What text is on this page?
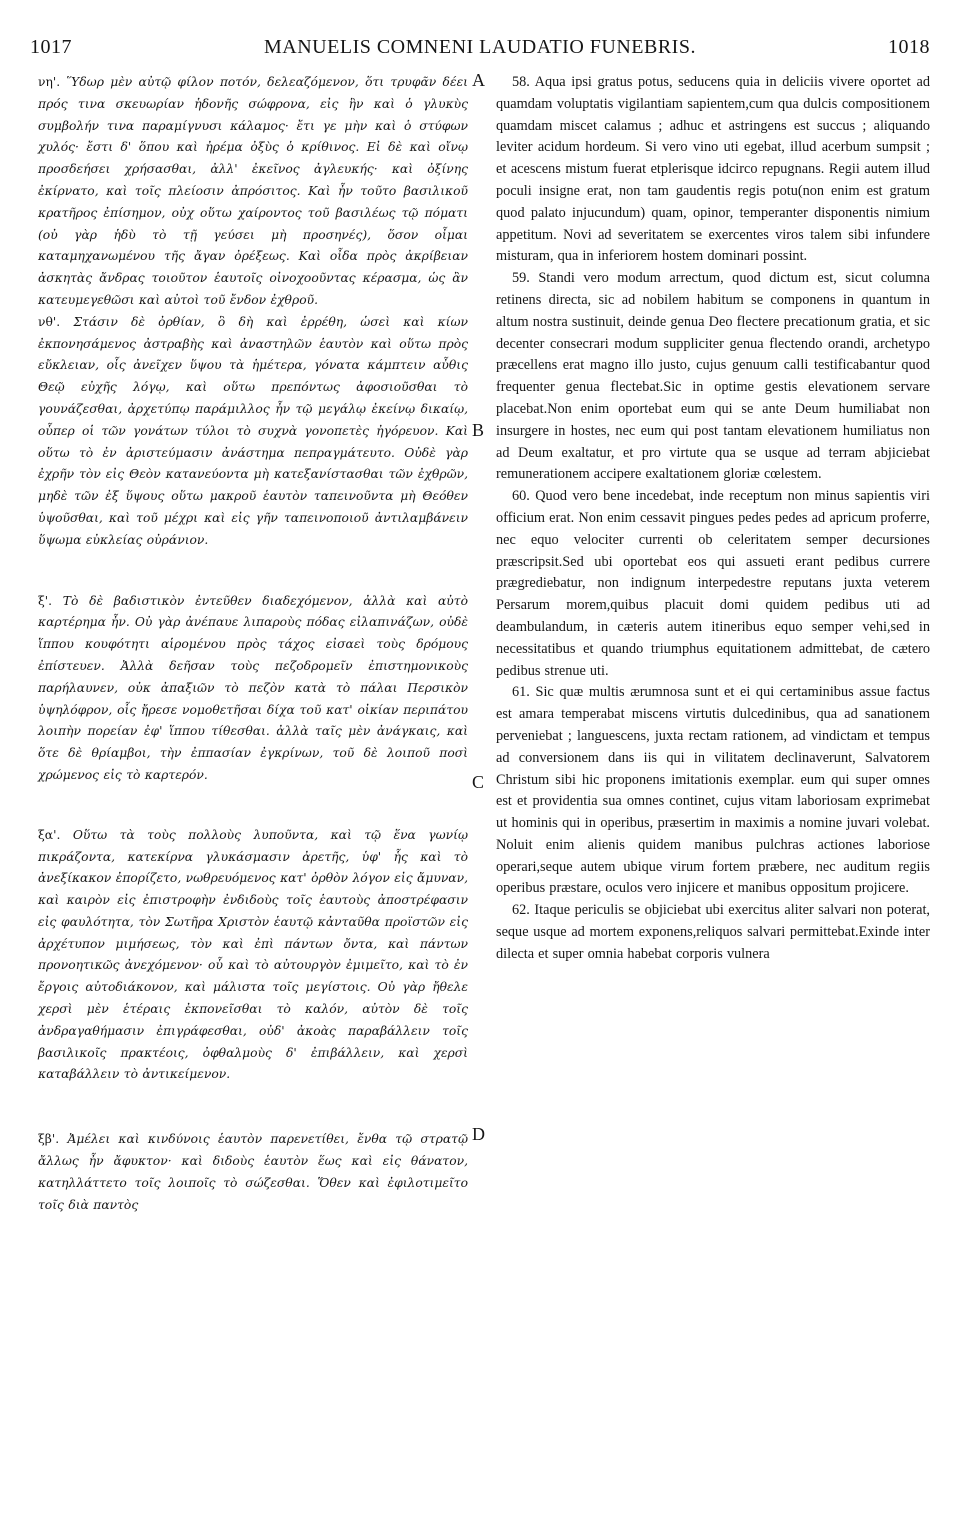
1017	MANUELIS COMNENI LAUDATIO FUNEBRIS.	1018
A
B
C
D

νη'. Ὕδωρ μὲν αὐτῷ φίλον ποτόν, δελεαζόμενον, ὅτι τρυφᾶν δέει πρός τινα σκευωρίαν ἡδονῆς σώφρονα, εἰς ἣν καὶ ὁ γλυκὺς συμβολήν τινα παραμίγνυσι κάλαμος· ἔτι γε μὴν καὶ ὁ στύφων χυλός· ἔστι δ' ὅπου καὶ ἠρέμα ὀξὺς ὁ κρίθινος. Εἰ δὲ καὶ οἴνῳ προσδεήσει χρήσασθαι, ἀλλ' ἐκεῖνος ἀγλευκής· καὶ ὀξίνης ἐκίρνατο, καὶ τοῖς πλείοσιν ἀπρόσιτος. Καὶ ἦν τοῦτο βασιλικοῦ κρατῆρος ἐπίσημον, οὐχ οὕτω χαίροντος τοῦ βασιλέως τῷ πόματι (οὐ γὰρ ἡδὺ τὸ τῇ γεύσει μὴ προσηνές), ὅσον οἶμαι καταμηχανωμένου τῆς ἄγαν ὀρέξεως. Καὶ οἶδα πρὸς ἀκρίβειαν ἀσκητὰς ἄνδρας τοιοῦτον ἑαυτοῖς οἰνοχοοῦντας κέρασμα, ὡς ἂν κατευμεγεθῶσι καὶ αὐτοὶ τοῦ ἔνδον ἐχθροῦ.

νθ'. Στάσιν δὲ ὀρθίαν, ὃ δὴ καὶ ἐρρέθη, ὡσεὶ καὶ κίων ἐκπονησάμενος ἀστραβὴς καὶ ἀναστηλῶν ἑαυτὸν καὶ οὕτω πρὸς εὔκλειαν, οἷς ἀνεῖχεν ὕψου τὰ ἡμέτερα, γόνατα κάμπτειν αὖθις Θεῷ εὐχῆς λόγῳ, καὶ οὕτω πρεπόντως ἀφοσιοῦσθαι τὸ γουνάζεσθαι, ἀρχετύπῳ παράμιλλος ἦν τῷ μεγάλῳ ἐκείνῳ δικαίῳ, οὗπερ οἱ τῶν γονάτων τύλοι τὸ συχνὰ γονοπετὲς ἠγόρευον. Καὶ οὕτω τὸ ἐν ἀριστεύμασιν ἀνάστημα πεπραγμάτευτο. Οὐδὲ γὰρ ἐχρῆν τὸν εἰς Θεὸν κατανεύοντα μὴ κατεξανίστασθαι τῶν ἐχθρῶν, μηδὲ τῶν ἐξ ὕψους οὕτω μακροῦ ἑαυτὸν ταπεινοῦντα μὴ Θεόθεν ὑψοῦσθαι, καὶ τοῦ μέχρι καὶ εἰς γῆν ταπεινοποιοῦ ἀντιλαμβάνειν ὕψωμα εὐκλείας οὐράνιον.

ξ'. Τὸ δὲ βαδιστικὸν ἐντεῦθεν διαδεχόμενον, ἀλλὰ καὶ αὐτὸ καρτέρημα ἦν. Οὐ γὰρ ἀνέπαυε λιπαροὺς πόδας εἰλαπινάζων, οὐδὲ ἵππου κουφότητι αἱρομένου πρὸς τάχος εἰσαεὶ τοὺς δρόμους ἐπίστευεν. Ἀλλὰ δεῆσαν τοὺς πεζοδρομεῖν ἐπιστημονικοὺς παρήλαυνεν, οὐκ ἀπαξιῶν τὸ πεζὸν κατὰ τὸ πάλαι Περσικὸν ὑψηλόφρον, οἷς ἤρεσε νομοθετῆσαι δίχα τοῦ κατ' οἰκίαν περιπάτου λοιπὴν πορείαν ἐφ' ἵππου τίθεσθαι. ἀλλὰ ταῖς μὲν ἀνάγκαις, καὶ ὅτε δὲ θρίαμβοι, τὴν ἐππασίαν ἐγκρίνων, τοῦ δὲ λοιποῦ ποσὶ χρώμενος εἰς τὸ καρτερόν.

ξα'. Οὕτω τὰ τοὺς πολλοὺς λυποῦντα, καὶ τῷ ἕνα γωνίῳ πικράζοντα, κατεκίρνα γλυκάσμασιν ἀρετῆς, ὑφ' ἧς καὶ τὸ ἀνεξίκακον ἐπορίζετο, νωθρευόμενος κατ' ὀρθὸν λόγον εἰς ἄμυναν, καὶ καιρὸν εἰς ἐπιστροφὴν ἐνδιδοὺς τοῖς ἑαυτοὺς ἀποστρέφασιν εἰς φαυλότητα, τὸν Σωτῆρα Χριστὸν ἑαυτῷ κἀνταῦθα προϊστῶν εἰς ἀρχέτυπον μιμήσεως, τὸν καὶ ἐπὶ πάντων ὄντα, καὶ πάντων προνοητικῶς ἀνεχόμενον· οὗ καὶ τὸ αὐτουργὸν ἐμιμεῖτο, καὶ τὸ ἐν ἔργοις αὐτοδιάκονον, καὶ μάλιστα τοῖς μεγίστοις. Οὐ γὰρ ἤθελε χερσὶ μὲν ἑτέραις ἐκπονεῖσθαι τὸ καλόν, αὐτὸν δὲ τοῖς ἀνδραγαθήμασιν ἐπιγράφεσθαι, οὐδ' ἀκοὰς παραβάλλειν τοῖς βασιλικοῖς πρακτέοις, ὀφθαλμοὺς δ' ἐπιβάλλειν, καὶ χερσὶ καταβάλλειν τὸ ἀντικείμενον.

ξβ'. Ἀμέλει καὶ κινδύνοις ἑαυτὸν παρενετίθει, ἔνθα τῷ στρατῷ ἄλλως ἦν ἄφυκτον· καὶ διδοὺς ἑαυτὸν ἕως καὶ εἰς θάνατον, κατηλλάττετο τοῖς λοιποῖς τὸ σώζεσθαι. Ὅθεν καὶ ἐφιλοτιμεῖτο τοῖς διὰ παντὸς

58. Aqua ipsi gratus potus, seducens quia in deliciis vivere oportet ad quamdam voluptatis vigilantiam sapientem,cum qua dulcis compositionem quamdam miscet calamus ; adhuc et astringens est succus ; aliquando leviter acidum hordeum. Si vero vino uti egebat, illud acerbum sumpsit ; et acescens mistum fuerat etplerisque idcirco repugnans. Regii autem illud poculi insigne erat, non tam gaudentis regis potu(non enim est gratum quod palato injucundum) quam, opinor, temperanter disponentis nimium appetitum. Novi ad severitatem se exercentes viros talem sibi infundere misturam, qua in inferiorem hostem dominari possint.

59. Standi vero modum arrectum, quod dictum est, sicut columna retinens directa, sic ad nobilem habitum se componens in quantum in altum nostra sustinuit, deinde genua Deo flectere precationum gratia, et sic decenter consecrari modum suppliciter genua flectendo orandi, archetypo præcellens erat magno illo justo, cujus genuum calli testificabantur quod frequenter genua flectebat.Sic in optime gestis elevationem servare placebat.Non enim oportebat eum qui se ante Deum humiliabat non insurgere in hostes, nec eum qui post tantam elevationem humiliatus non ad Deum exaltatur, et pro virtute qua se usque ad terram abjiciebat remunerationem accipere exaltationem gloriæ cœlestem.

60. Quod vero bene incedebat, inde receptum non minus sapientis viri officium erat. Non enim cessavit pingues pedes pedes ad apricum proferre, nec equo velociter currenti ob celeritatem semper decursiones præscripsit.Sed ubi oportebat eos qui assueti erant pedibus currere prægrediebatur, non indignum interpedestre reputans juxta veterem Persarum morem,quibus placuit domi quidem pedibus uti ad deambulandum, in cæteris autem itineribus equo semper vehi,sed in necessitatibus et quando triumphus equitationem admittebat, de cætero pedibus strenue uti.

61. Sic quæ multis ærumnosa sunt et ei qui certaminibus assue factus est amara temperabat miscens virtutis dulcedinibus, qua ad sanationem perveniebat ; languescens, juxta rectam rationem, ad vindictam et tempus ad conversionem dans iis qui in vilitatem declinaverunt, Salvatorem Christum sibi hic proponens imitationis exemplar. eum qui super omnes est et providentia sua omnes continet, cujus vitam laboriosam exprimebat ut hominis qui in operibus, præsertim in maximis a nomine juvari volebat. Noluit enim alienis quidem manibus pulchras actiones laboriose operari,seque autem ubique virum fortem præbere, nec auditum regiis operibus præstare, oculos vero injicere et manibus oppositum projicere.

62. Itaque periculis se objiciebat ubi exercitus aliter salvari non poterat, seque usque ad mortem exponens,reliquos salvari permittebat.Exinde inter dilecta et super omnia habebat corporis vulnera
